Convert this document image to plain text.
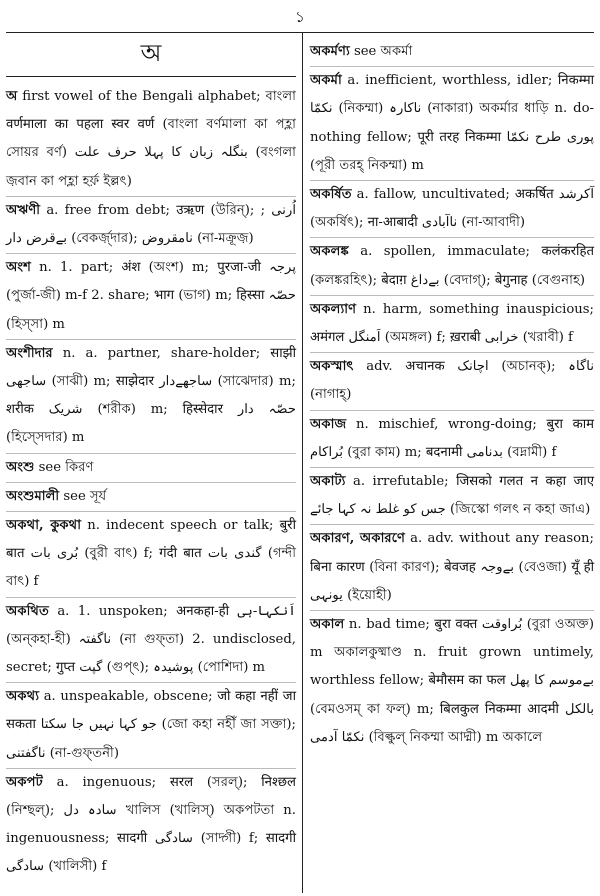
১
অ

অ first vowel of the Bengali alphabet; বাংলা वर्णमाला का पहला स्वर वर्ण (বাংলা বর্ণমালা কা পহ্লা সোয়র বর্ণ) بنگلہ زبان کا پہلا حرف علت (বংগলা জ়বান কা পহ্লা হর্ফ় ইল্লৎ)

অঋণী a. free from debt; उऋण (উরিন্); اُرنی ; بےقرض دار (বেকর্জ়্দার); نامقروض (না-মক্রূজ়)

অংশ n. 1. part; अंश (অংশ) m; पुरजा-जी پرجہ (পুর্জা-জী) m-f 2. share; भाग (ভাগ) m; हिस्सा حصّہ (হিস্সা) m

অংশীদার n. a. partner, share-holder; साझी ساجھی (সাঝী) m; साझेदार ساجھےدار (সাঝেদার) m; शरीक شریک (শরীক) m; हिस्सेदार حصّہ دار (হিস্সেদার) m

অংশু see কিরণ

অংশুমালী see সূর্য

অকথা, কুকথা n. indecent speech or talk; बुरी बात بُری بات (বুরী বাৎ) f; गंदी बात گندی بات (গন্দী বাৎ) f

অকথিত a. 1. unspoken; अनकहा-ही اَنکہا-ہی (অন্কহা-হী) ناگفتہ (না গুফ্তা) 2. undisclosed, secret; गुप्त گپت (গুপ্ৎ); پوشیدہ (পোশিদা) m

অকথ্য a. unspeakable, obscene; जो कहा नहीं जा सकता جو کہا نہیں جا سکتا (জো কহা নহীঁ জা সক্তা); ناگفتنی (না-গুফ্তনী)

অকপট a. ingenuous; सरल (সরল্); निश्छल (নিশ্ছল্); سادہ دل খালিস (খালিস্) অকপটতা n. ingenuousness; सादगी سادگی (সাদ্গী) f; सादगी سادگی (খালিসী) f

অকর্মণ্য see অকর্মা

অকর্মা a. inefficient, worthless, idler; निकम्मा نکمّا (নিকম্মা) ناکارہ (নাকারা) অকর্মার ধাড়ি n. do-nothing fellow; पूरी तरह निकम्मा پوری طرح نکمّا (পূরী তরহ্ নিকম্মা) m

অকর্ষিত a. fallow, uncultivated; अकर्षित آکرشد (অকর্ষিৎ); ना-आबादी ناآبادی (না-আবাদী)

অকলঙ্ক a. spollen, immaculate; कलंकरहित (কলঙ্করহিৎ); बेदाग़ بےداغ (বেদাগ্); बेगुनाह (বেগুনাহ)

অকল্যাণ n. harm, something inauspicious; अमंगल اَمنگل (অমঙ্গল) f; ख़राबी خرابی (খরাবী) f

অকস্মাৎ adv. अचानक اچانک (অচানক্); ناگاہ (নাগাহ্)

অকাজ n. mischief, wrong-doing; बुरा काम بُراکام (বুরা কাম) m; बदनामी بدنامی (বদ্নামী) f

অকাট্য a. irrefutable; जिसको गलत न कहा जाए جس کو غلط نہ کہا جائے (জিস্কো গলৎ ন কহা জাএ)

অকারণ, অকারণে a. adv. without any reason; बिना कारण (বিনা কারণ); बेवजह بےوجہ (বেওজা) यूँ ही یونہی (ইয়োহী)

অকাল n. bad time; बुरा वक्त بُراوقت (বুরা ওঅক্ত) m অকালকুষ্মাণ্ড n. fruit grown untimely, worthless fellow; बेमौसम का फल بےموسم کا پھل (বেমওসম্ কা ফল্) m; बिलकुल निकम्मा आदमी بالکل نکمّا آدمی (বিল্কুল্ নিকম্মা আদ্মী) m অকালে
